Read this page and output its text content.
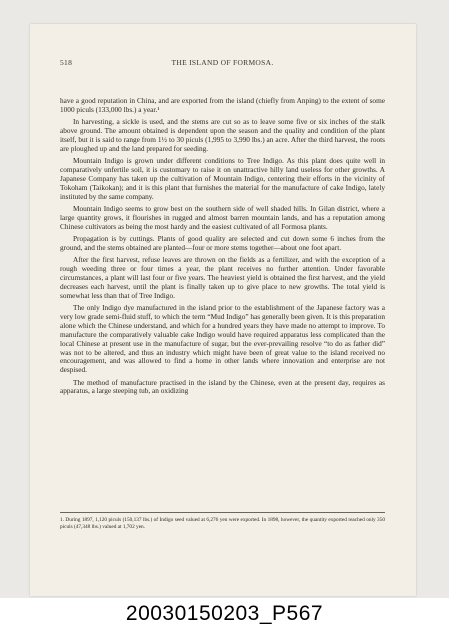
518	THE ISLAND OF FORMOSA.

have a good reputation in China, and are exported from the island (chiefly from Anping) to the extent of some 1000 piculs (133,000 lbs.) a year.¹

In harvesting, a sickle is used, and the stems are cut so as to leave some five or six inches of the stalk above ground. The amount obtained is dependent upon the season and the quality and condition of the plant itself, but it is said to range from 1½ to 30 piculs (1,995 to 3,990 lbs.) an acre. After the third harvest, the roots are ploughed up and the land prepared for seeding.

Mountain Indigo is grown under different conditions to Tree Indigo. As this plant does quite well in comparatively unfertile soil, it is customary to raise it on unattractive hilly land useless for other growths. A Japanese Company has taken up the cultivation of Mountain Indigo, centering their efforts in the vicinity of Tokoham (Taikokan); and it is this plant that furnishes the material for the manufacture of cake Indigo, lately instituted by the same company.

Mountain Indigo seems to grow best on the southern side of well shaded hills. In Gilan district, where a large quantity grows, it flourishes in rugged and almost barren mountain lands, and has a reputation among Chinese cultivators as being the most hardy and the easiest cultivated of all Formosa plants.

Propagation is by cuttings. Plants of good quality are selected and cut down some 6 inches from the ground, and the stems obtained are planted—four or more stems together—about one foot apart.

After the first harvest, refuse leaves are thrown on the fields as a fertilizer, and with the exception of a rough weeding three or four times a year, the plant receives no further attention. Under favorable circumstances, a plant will last four or five years. The heaviest yield is obtained the first harvest, and the yield decreases each harvest, until the plant is finally taken up to give place to new growths. The total yield is somewhat less than that of Tree Indigo.

The only Indigo dye manufactured in the island prior to the establishment of the Japanese factory was a very low grade semi-fluid stuff, to which the term “Mud Indigo” has generally been given. It is this preparation alone which the Chinese understand, and which for a hundred years they have made no attempt to improve. To manufacture the comparatively valuable cake Indigo would have required apparatus less complicated than the local Chinese at present use in the manufacture of sugar, but the ever-prevailing resolve “to do as father did” was not to be altered, and thus an industry which might have been of great value to the island received no encouragement, and was allowed to find a home in other lands where innovation and enterprise are not despised.

The method of manufacture practised in the island by the Chinese, even at the present day, requires as apparatus, a large steeping tub, an oxidizing

1. During 1897, 1,120 piculs (150,137 lbs.) of Indigo seed valued at 6,276 yen were exported. In 1898, however, the quantity exported reached only 350 piculs (47,348 lbs.) valued at 1,702 yen.
20030150203_P567
